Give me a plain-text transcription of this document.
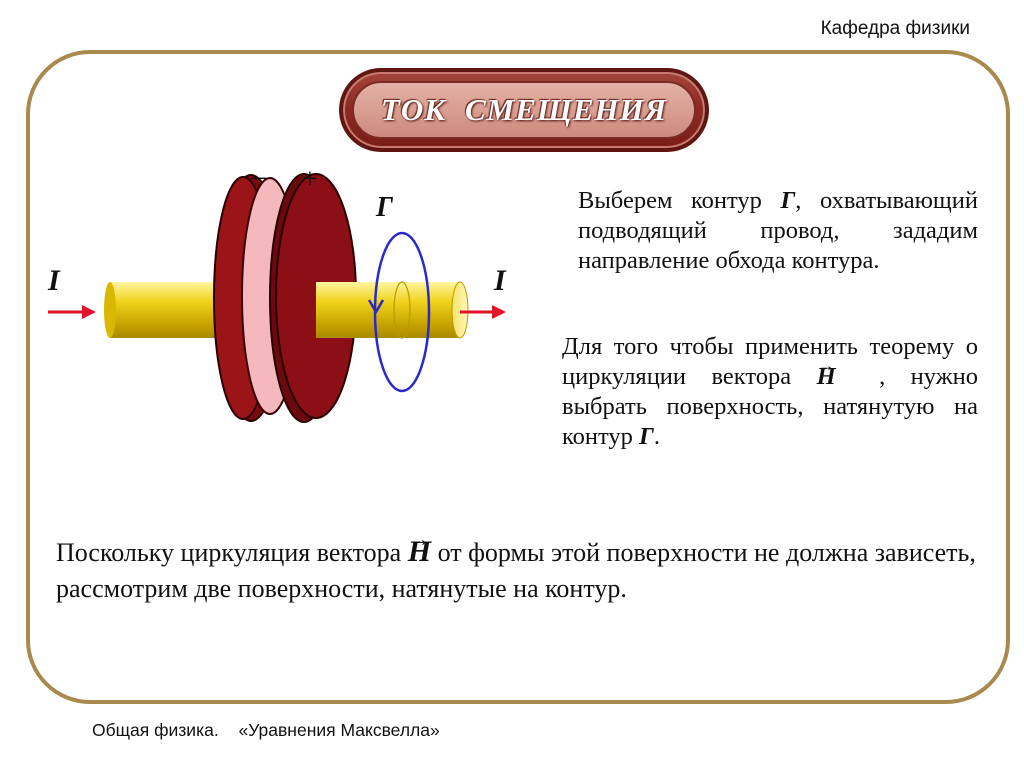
Кафедра физики
ТОК СМЕЩЕНИЯ
– +
Г
I	I
Выберем контур Г, охватывающий подводящий провод, зададим направление обхода контура.
Для того чтобы применить теорему о циркуляции вектора → H , нужно выбрать поверхность, натянутую на контур Г.
Поскольку циркуляция вектора → H от формы этой поверхности не должна зависеть, рассмотрим две поверхности, натянутые на контур.
Общая физика. «Уравнения Максвелла»
